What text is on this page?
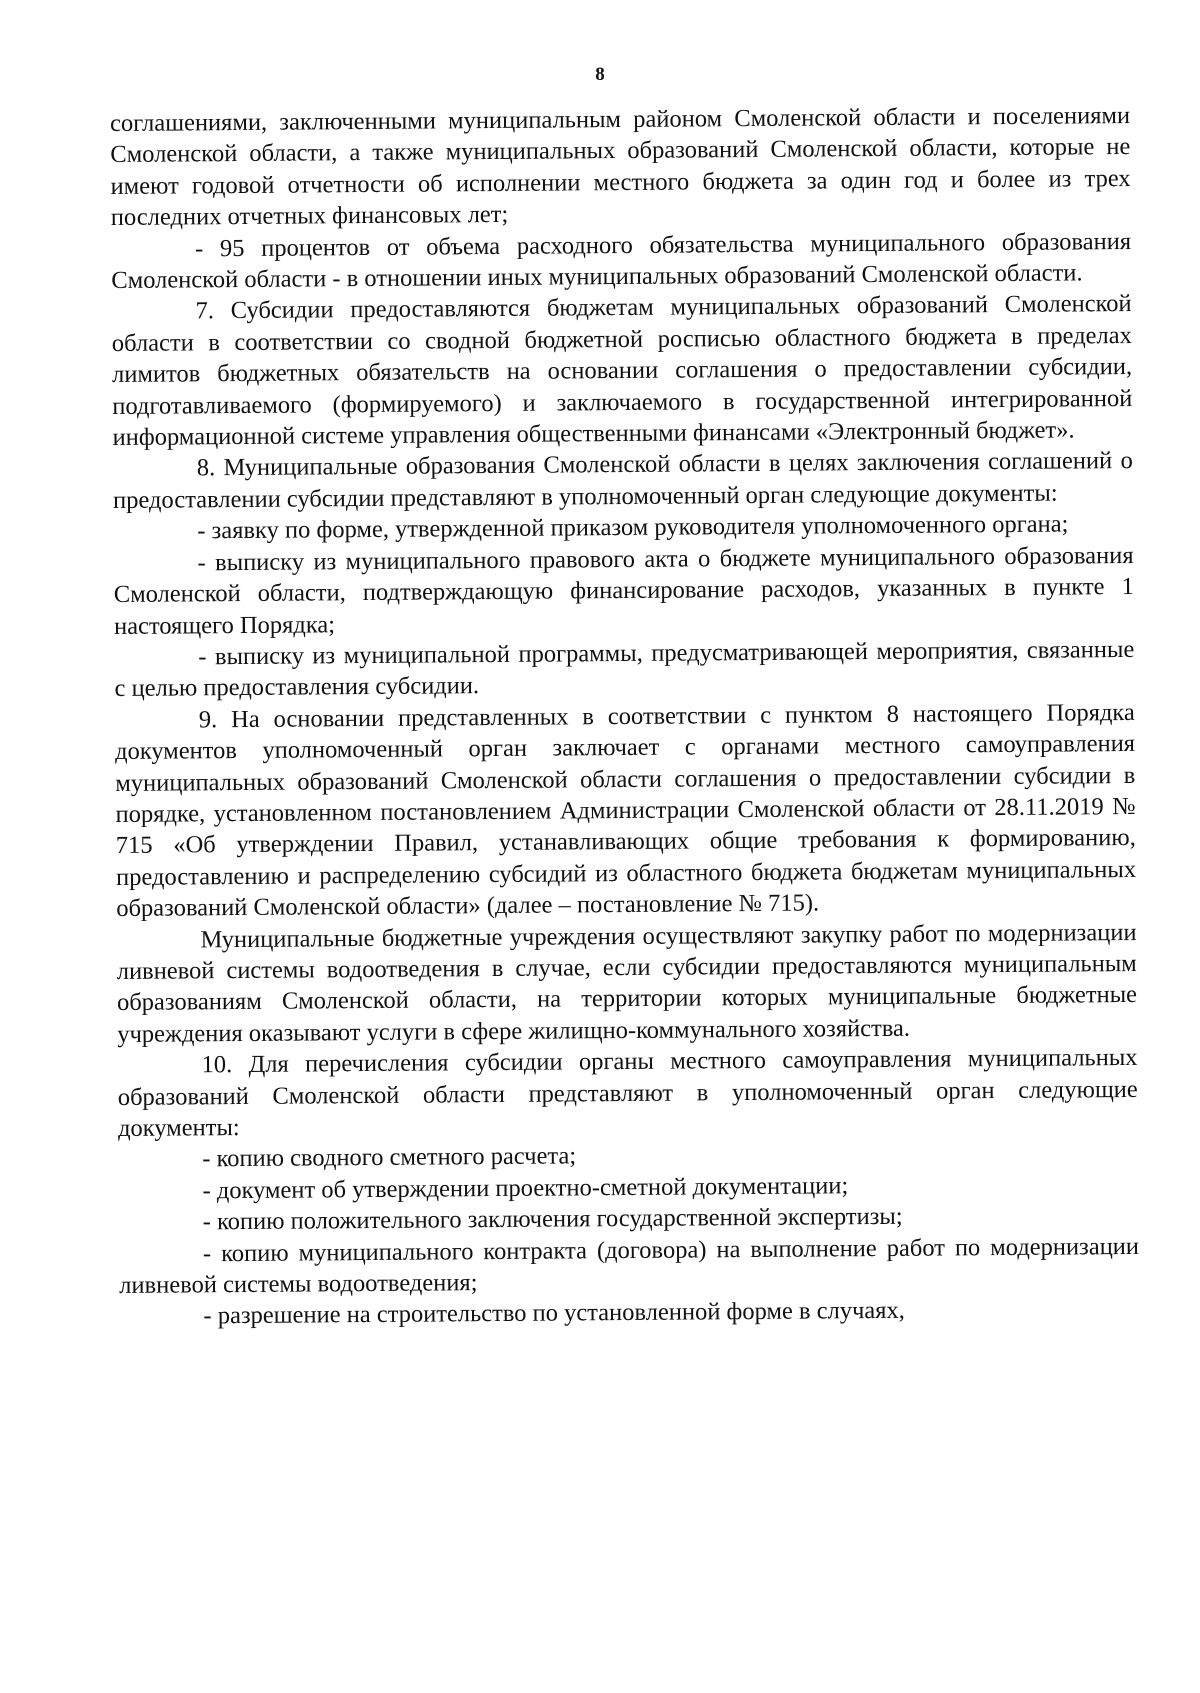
8

соглашениями, заключенными муниципальным районом Смоленской области и поселениями Смоленской области, а также муниципальных образований Смоленской области, которые не имеют годовой отчетности об исполнении местного бюджета за один год и более из трех последних отчетных финансовых лет;

- 95 процентов от объема расходного обязательства муниципального образования Смоленской области - в отношении иных муниципальных образований Смоленской области.

7. Субсидии предоставляются бюджетам муниципальных образований Смоленской области в соответствии со сводной бюджетной росписью областного бюджета в пределах лимитов бюджетных обязательств на основании соглашения о предоставлении субсидии, подготавливаемого (формируемого) и заключаемого в государственной интегрированной информационной системе управления общественными финансами «Электронный бюджет».

8. Муниципальные образования Смоленской области в целях заключения соглашений о предоставлении субсидии представляют в уполномоченный орган следующие документы:

- заявку по форме, утвержденной приказом руководителя уполномоченного органа;

- выписку из муниципального правового акта о бюджете муниципального образования Смоленской области, подтверждающую финансирование расходов, указанных в пункте 1 настоящего Порядка;

- выписку из муниципальной программы, предусматривающей мероприятия, связанные с целью предоставления субсидии.

9. На основании представленных в соответствии с пунктом 8 настоящего Порядка документов уполномоченный орган заключает с органами местного самоуправления муниципальных образований Смоленской области соглашения о предоставлении субсидии в порядке, установленном постановлением Администрации Смоленской области от 28.11.2019 № 715 «Об утверждении Правил, устанавливающих общие требования к формированию, предоставлению и распределению субсидий из областного бюджета бюджетам муниципальных образований Смоленской области» (далее – постановление № 715).

Муниципальные бюджетные учреждения осуществляют закупку работ по модернизации ливневой системы водоотведения в случае, если субсидии предоставляются муниципальным образованиям Смоленской области, на территории которых муниципальные бюджетные учреждения оказывают услуги в сфере жилищно-коммунального хозяйства.

10. Для перечисления субсидии органы местного самоуправления муниципальных образований Смоленской области представляют в уполномоченный орган следующие документы:

- копию сводного сметного расчета;

- документ об утверждении проектно-сметной документации;

- копию положительного заключения государственной экспертизы;

- копию муниципального контракта (договора) на выполнение работ по модернизации ливневой системы водоотведения;

- разрешение на строительство по установленной форме в случаях,
